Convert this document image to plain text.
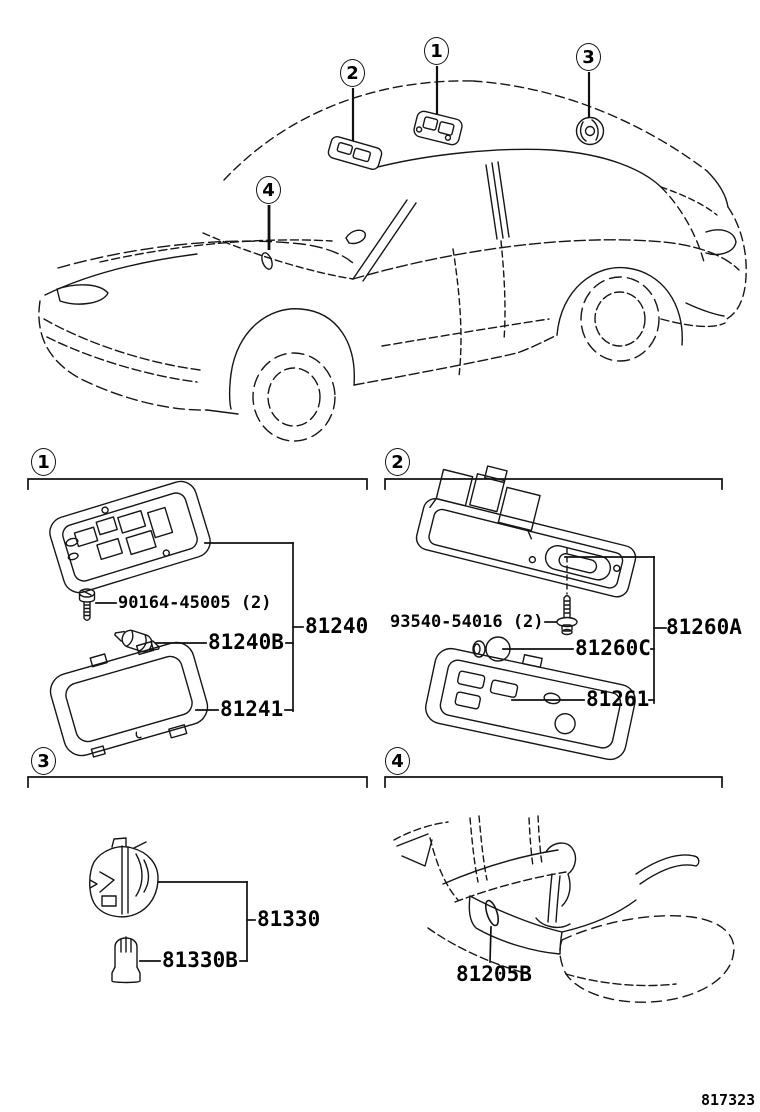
1
2
3
4
1	2
3	4
90164-45005 (2)
81240B
81240
81241
93540-54016 (2)	81260A
81260C
81261
81330
81330B
81205B
817323
